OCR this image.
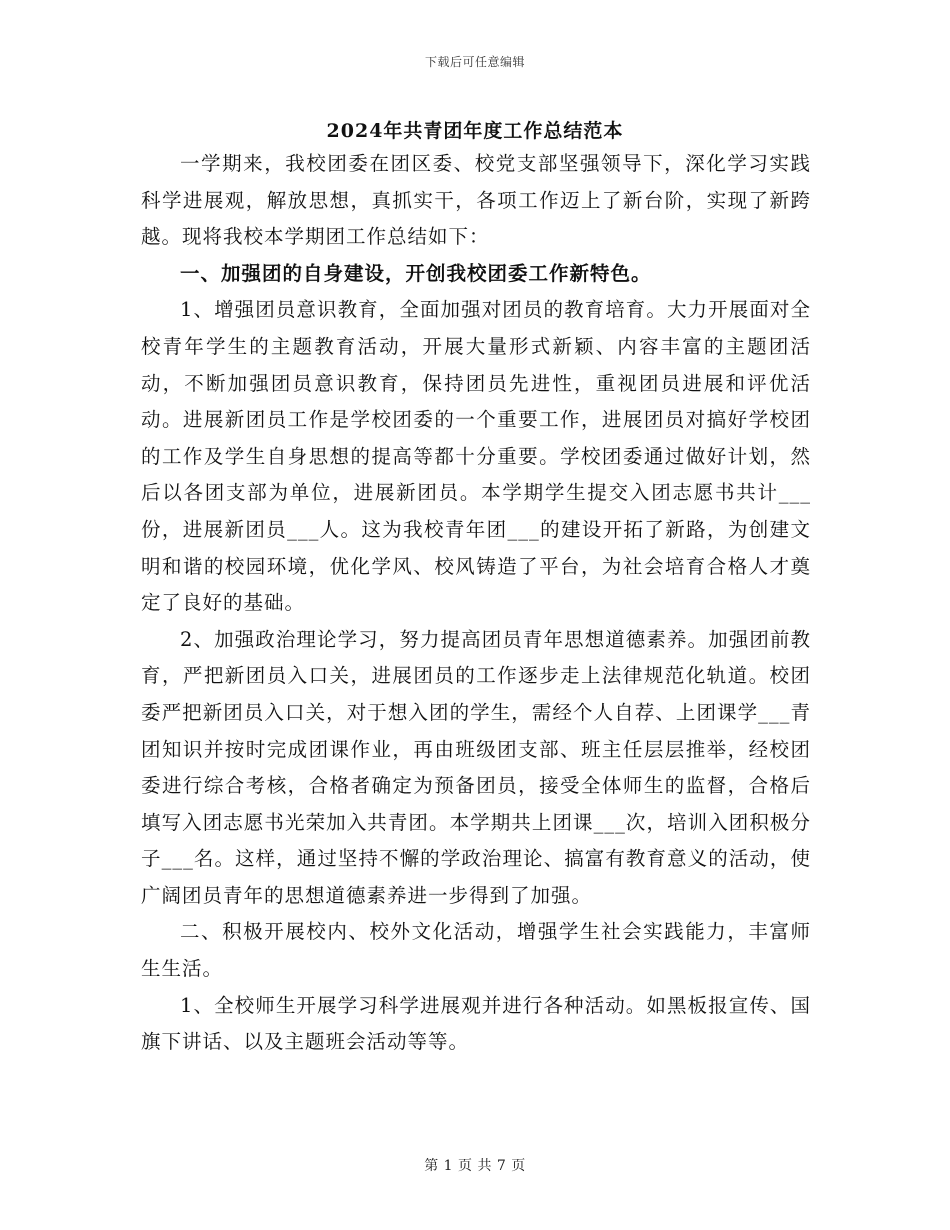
下载后可任意编辑
2024年共青团年度工作总结范本

一学期来，我校团委在团区委、校党支部坚强领导下，深化学习实践科学进展观，解放思想，真抓实干，各项工作迈上了新台阶，实现了新跨越。现将我校本学期团工作总结如下：

一、加强团的自身建设，开创我校团委工作新特色。

1、增强团员意识教育，全面加强对团员的教育培育。大力开展面对全校青年学生的主题教育活动，开展大量形式新颖、内容丰富的主题团活动，不断加强团员意识教育，保持团员先进性，重视团员进展和评优活动。进展新团员工作是学校团委的一个重要工作，进展团员对搞好学校团的工作及学生自身思想的提高等都十分重要。学校团委通过做好计划，然后以各团支部为单位，进展新团员。本学期学生提交入团志愿书共计___份，进展新团员___人。这为我校青年团___的建设开拓了新路，为创建文明和谐的校园环境，优化学风、校风铸造了平台，为社会培育合格人才奠定了良好的基础。

2、加强政治理论学习，努力提高团员青年思想道德素养。加强团前教育，严把新团员入口关，进展团员的工作逐步走上法律规范化轨道。校团委严把新团员入口关，对于想入团的学生，需经个人自荐、上团课学___青团知识并按时完成团课作业，再由班级团支部、班主任层层推举，经校团委进行综合考核，合格者确定为预备团员，接受全体师生的监督，合格后填写入团志愿书光荣加入共青团。本学期共上团课___次，培训入团积极分子___名。这样，通过坚持不懈的学政治理论、搞富有教育意义的活动，使广阔团员青年的思想道德素养进一步得到了加强。

二、积极开展校内、校外文化活动，增强学生社会实践能力，丰富师生生活。

1、全校师生开展学习科学进展观并进行各种活动。如黑板报宣传、国旗下讲话、以及主题班会活动等等。

第 1 页 共 7 页
